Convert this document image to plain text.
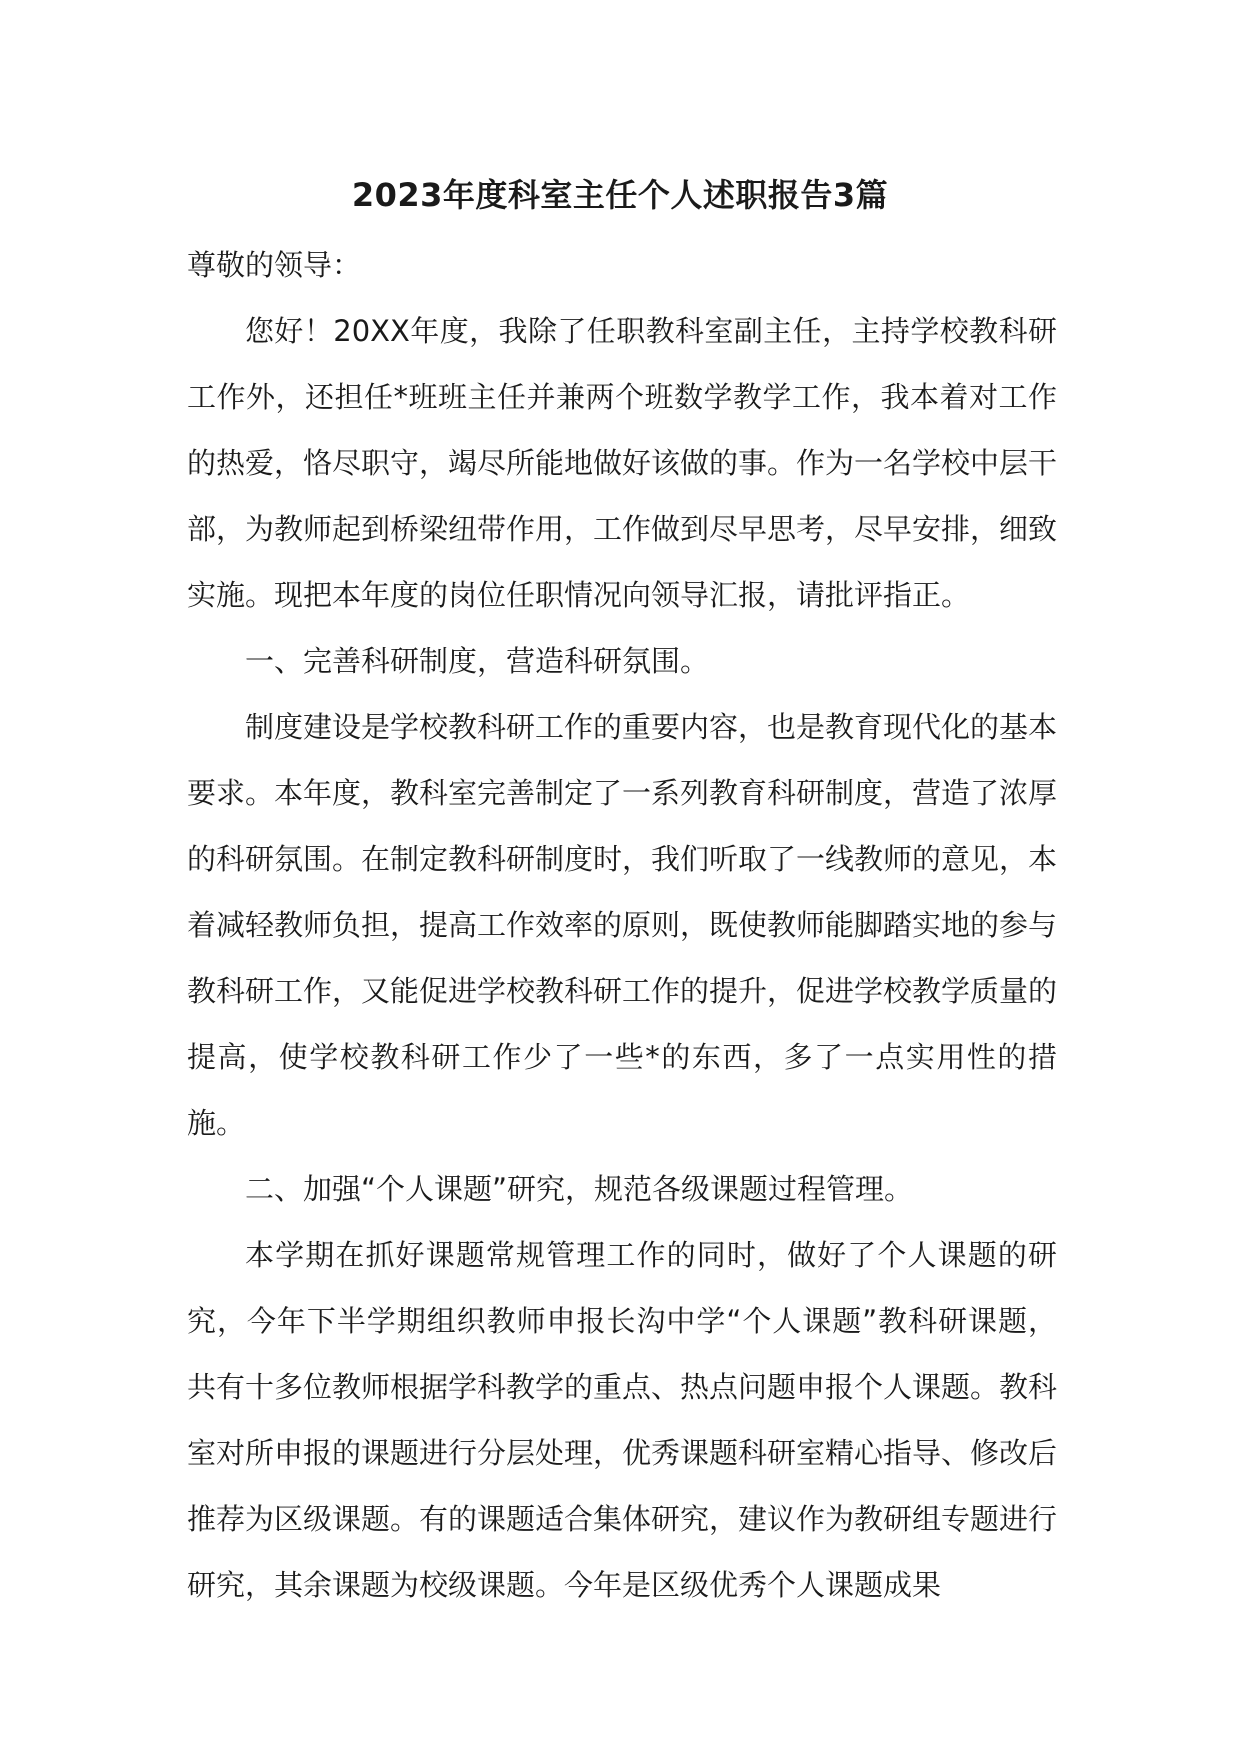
2023年度科室主任个人述职报告3篇

尊敬的领导：

您好！20XX年度，我除了任职教科室副主任，主持学校教科研工作外，还担任*班班主任并兼两个班数学教学工作，我本着对工作的热爱，恪尽职守，竭尽所能地做好该做的事。作为一名学校中层干部，为教师起到桥梁纽带作用，工作做到尽早思考，尽早安排，细致实施。现把本年度的岗位任职情况向领导汇报，请批评指正。

一、完善科研制度，营造科研氛围。

制度建设是学校教科研工作的重要内容，也是教育现代化的基本要求。本年度，教科室完善制定了一系列教育科研制度，营造了浓厚的科研氛围。在制定教科研制度时，我们听取了一线教师的意见，本着减轻教师负担，提高工作效率的原则，既使教师能脚踏实地的参与教科研工作，又能促进学校教科研工作的提升，促进学校教学质量的提高，使学校教科研工作少了一些*的东西，多了一点实用性的措施。

二、加强“个人课题”研究，规范各级课题过程管理。

本学期在抓好课题常规管理工作的同时，做好了个人课题的研究，今年下半学期组织教师申报长沟中学“个人课题”教科研课题，共有十多位教师根据学科教学的重点、热点问题申报个人课题。教科室对所申报的课题进行分层处理，优秀课题科研室精心指导、修改后推荐为区级课题。有的课题适合集体研究，建议作为教研组专题进行研究，其余课题为校级课题。今年是区级优秀个人课题成果
